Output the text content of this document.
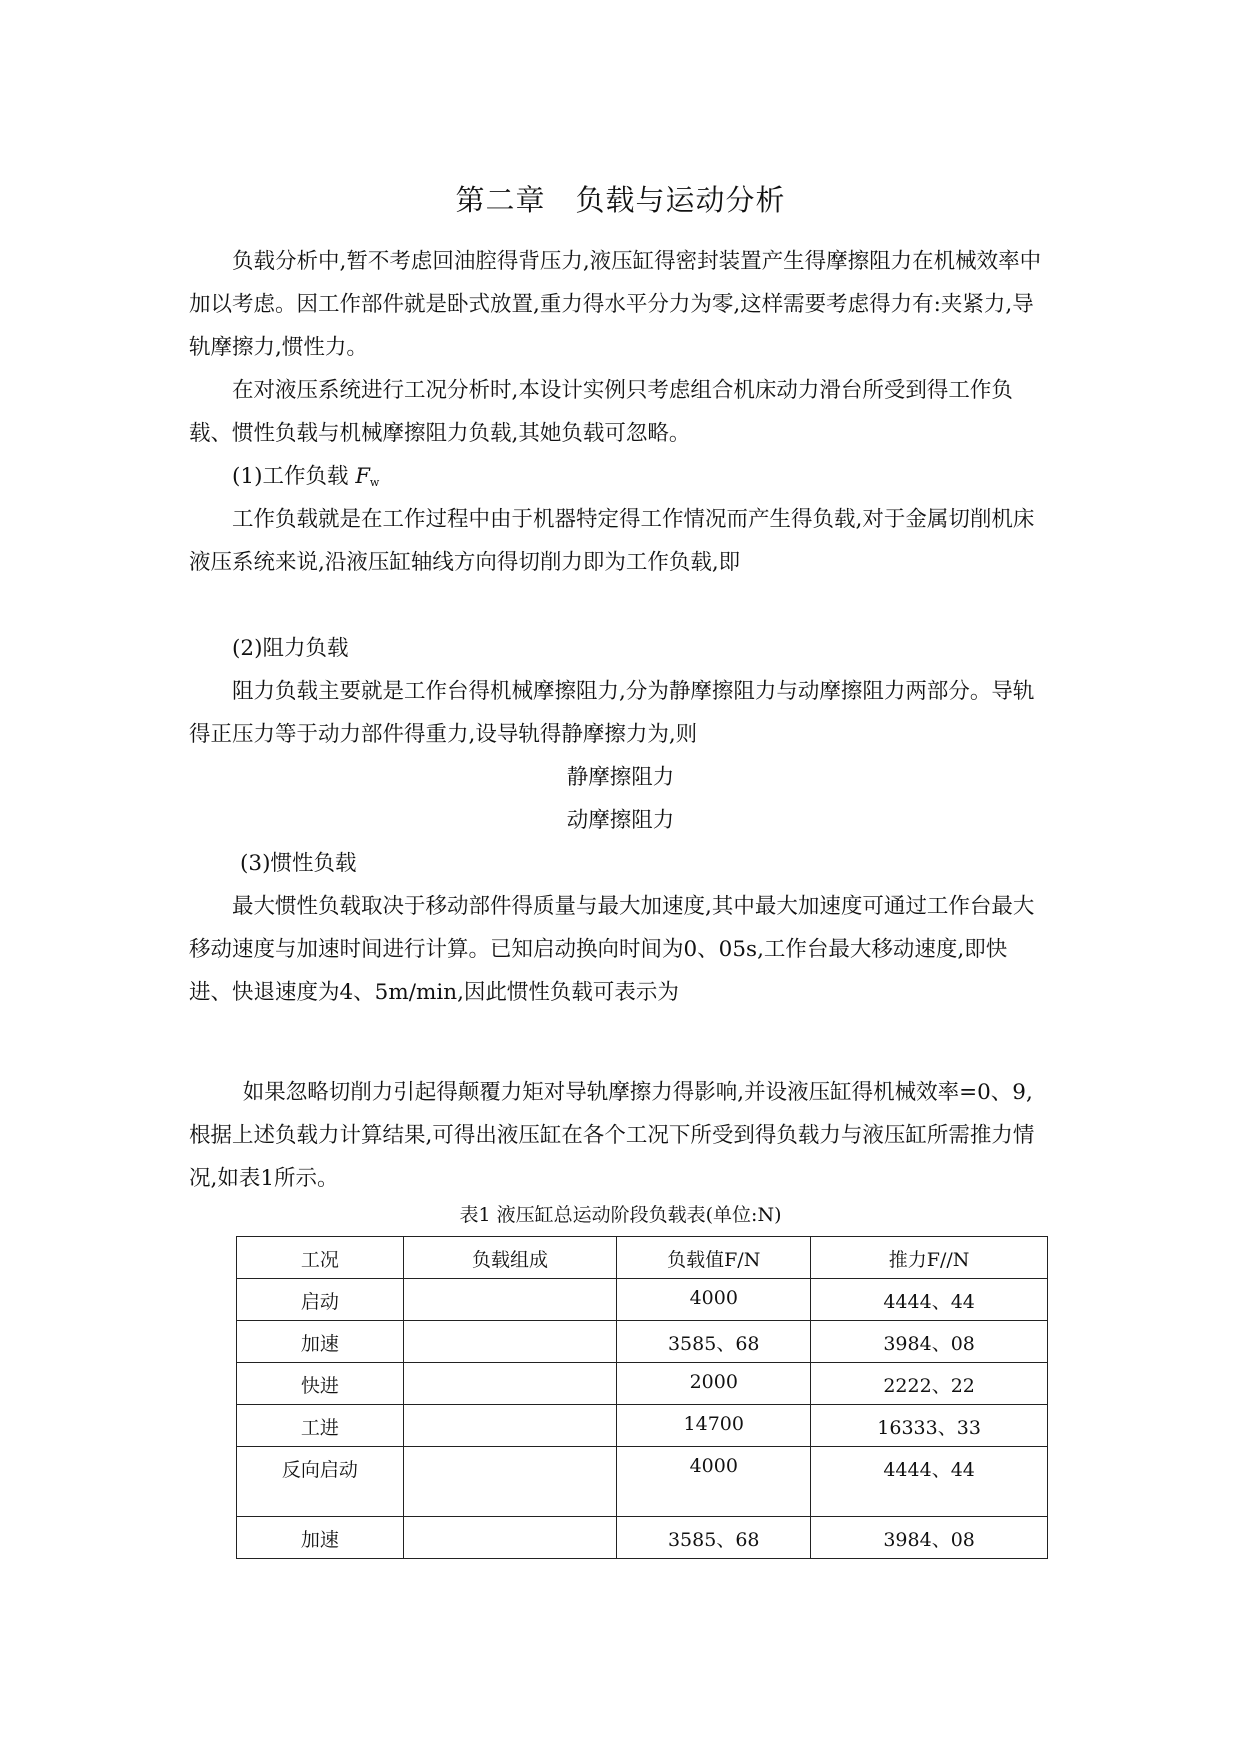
第二章　负载与运动分析

负载分析中,暂不考虑回油腔得背压力,液压缸得密封装置产生得摩擦阻力在机械效率中加以考虑。因工作部件就是卧式放置,重力得水平分力为零,这样需要考虑得力有:夹紧力,导轨摩擦力,惯性力。

在对液压系统进行工况分析时,本设计实例只考虑组合机床动力滑台所受到得工作负载、惯性负载与机械摩擦阻力负载,其她负载可忽略。

(1)工作负载 Fw

工作负载就是在工作过程中由于机器特定得工作情况而产生得负载,对于金属切削机床液压系统来说,沿液压缸轴线方向得切削力即为工作负载,即

(2)阻力负载

阻力负载主要就是工作台得机械摩擦阻力,分为静摩擦阻力与动摩擦阻力两部分。导轨得正压力等于动力部件得重力,设导轨得静摩擦力为,则

静摩擦阻力
动摩擦阻力
(3)惯性负载

最大惯性负载取决于移动部件得质量与最大加速度,其中最大加速度可通过工作台最大移动速度与加速时间进行计算。已知启动换向时间为0、05s,工作台最大移动速度,即快进、快退速度为4、5m/min,因此惯性负载可表示为

如果忽略切削力引起得颠覆力矩对导轨摩擦力得影响,并设液压缸得机械效率=0、9,根据上述负载力计算结果,可得出液压缸在各个工况下所受到得负载力与液压缸所需推力情况,如表1所示。

表1 液压缸总运动阶段负载表(单位:N)
工况	负载组成	负载值F/N	推力F//N
启动		4000	4444、44
加速		3585、68	3984、08
快进		2000	2222、22
工进		14700	16333、33
反向启动		4000	4444、44
加速		3585、68	3984、08
